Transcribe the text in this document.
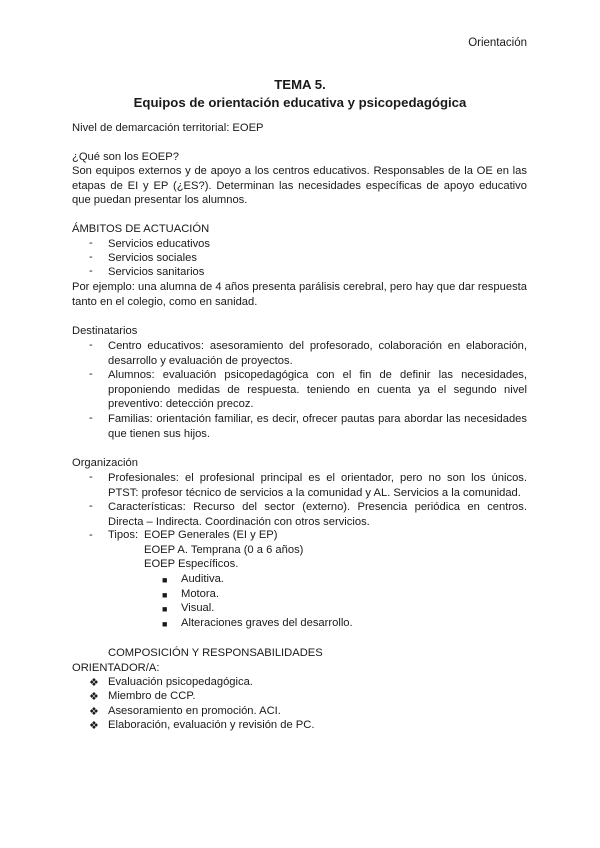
Orientación
TEMA 5.
Equipos de orientación educativa y psicopedagógica
Nivel de demarcación territorial: EOEP
¿Qué son los EOEP?
Son equipos externos y de apoyo a los centros educativos. Responsables de la OE en las etapas de EI y EP (¿ES?). Determinan las necesidades específicas de apoyo educativo que puedan presentar los alumnos.
ÁMBITOS DE ACTUACIÓN
- Servicios educativos
- Servicios sociales
- Servicios sanitarios
Por ejemplo: una alumna de 4 años presenta parálisis cerebral, pero hay que dar respuesta tanto en el colegio, como en sanidad.
Destinatarios
- Centro educativos: asesoramiento del profesorado, colaboración en elaboración, desarrollo y evaluación de proyectos.
- Alumnos: evaluación psicopedagógica con el fin de definir las necesidades, proponiendo medidas de respuesta. teniendo en cuenta ya el segundo nivel preventivo: detección precoz.
- Familias: orientación familiar, es decir, ofrecer pautas para abordar las necesidades que tienen sus hijos.
Organización
- Profesionales: el profesional principal es el orientador, pero no son los únicos. PTST: profesor técnico de servicios a la comunidad y AL. Servicios a la comunidad.
- Características: Recurso del sector (externo). Presencia periódica en centros. Directa – Indirecta. Coordinación con otros servicios.
- Tipos: EOEP Generales (EI y EP)
EOEP A. Temprana (0 a 6 años)
EOEP Específicos.
■ Auditiva.
■ Motora.
■ Visual.
■ Alteraciones graves del desarrollo.
COMPOSICIÓN Y RESPONSABILIDADES
ORIENTADOR/A:
❖ Evaluación psicopedagógica.
❖ Miembro de CCP.
❖ Asesoramiento en promoción. ACI.
❖ Elaboración, evaluación y revisión de PC.
